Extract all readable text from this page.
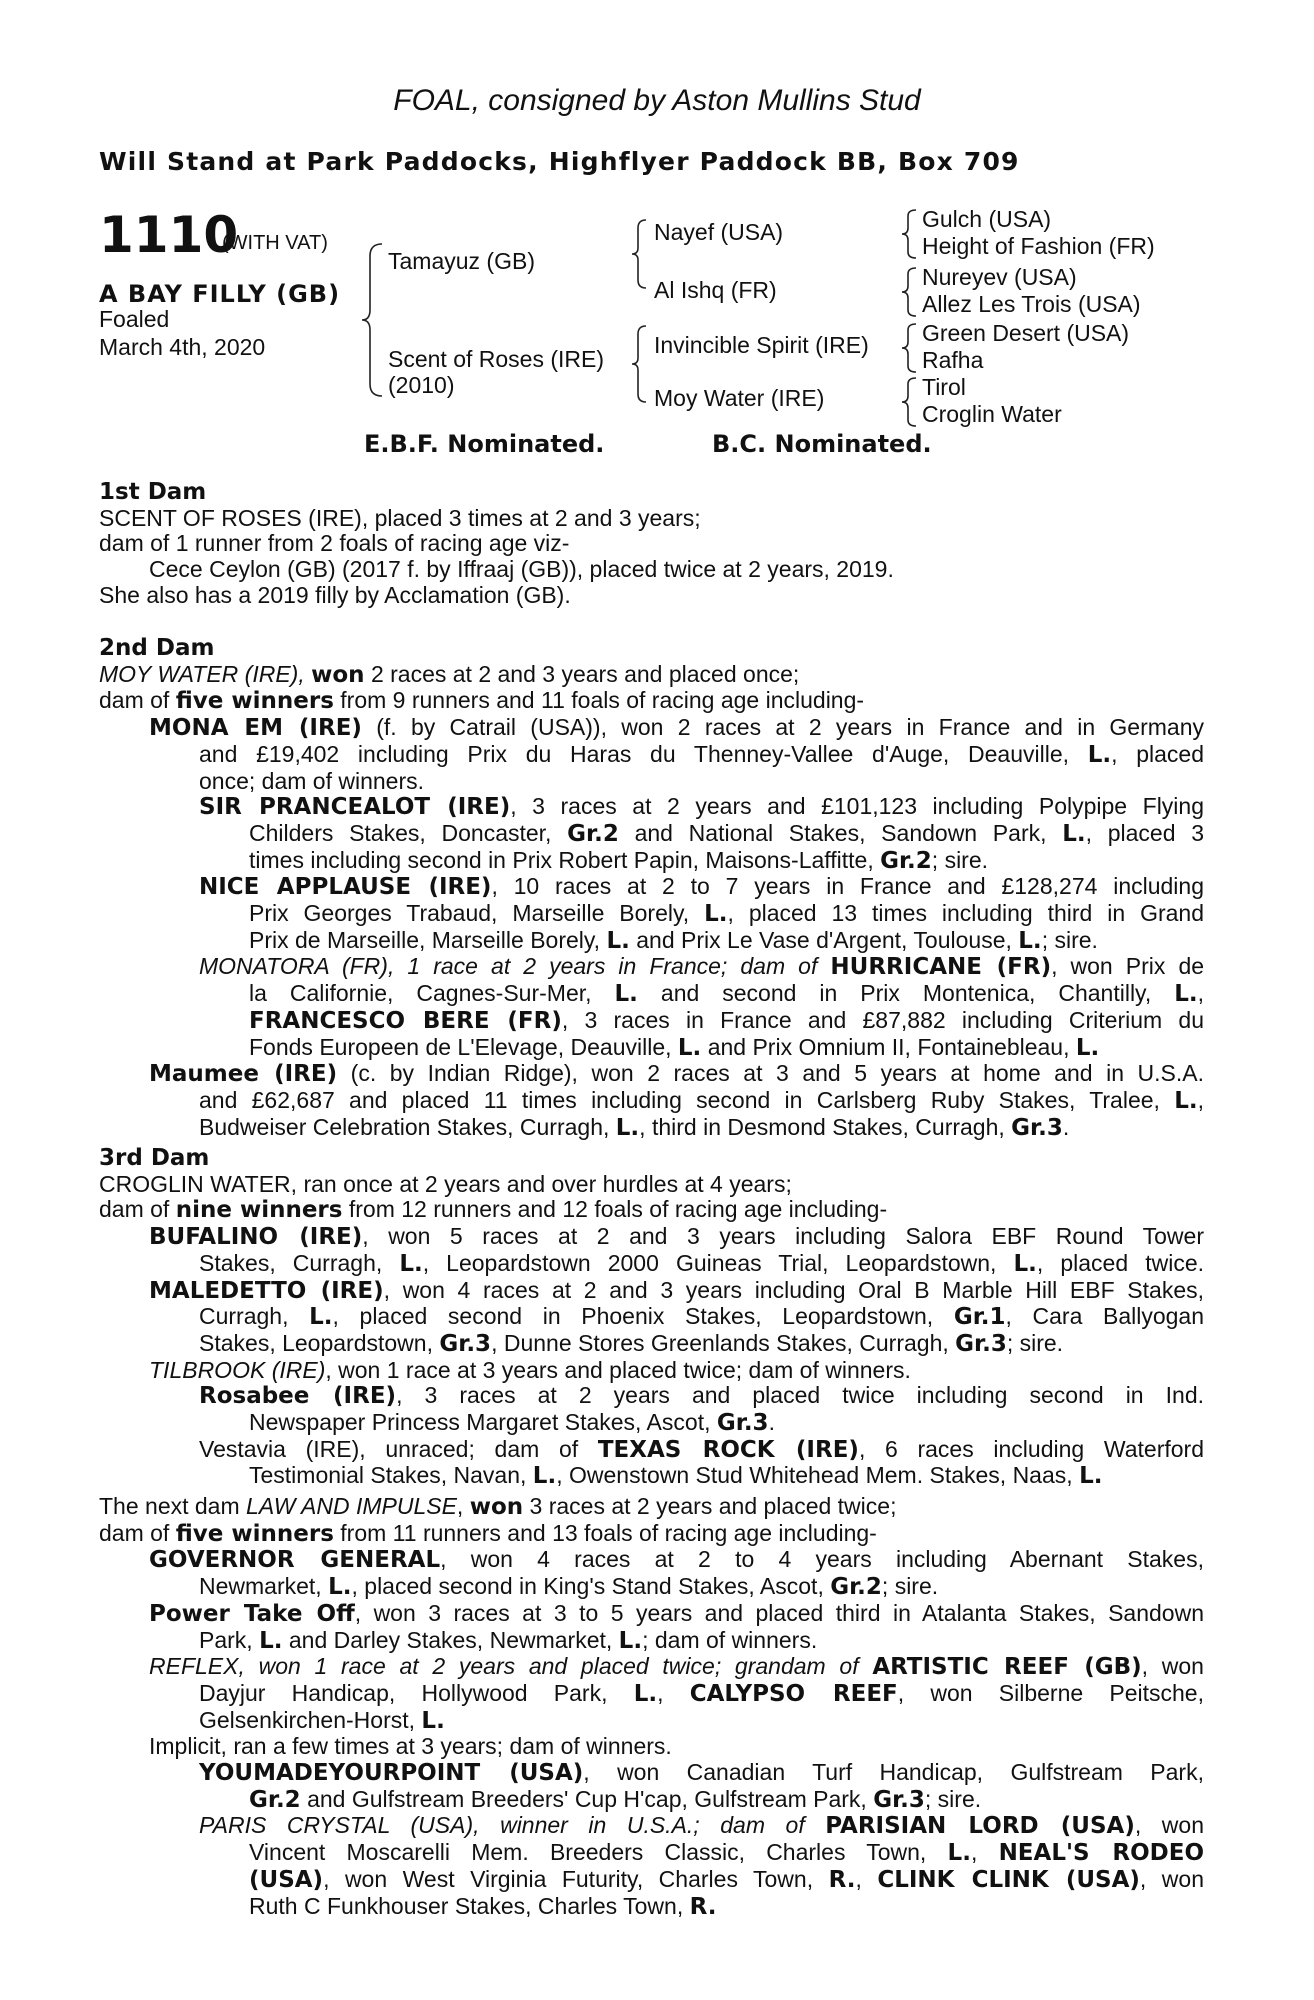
FOAL, consigned by Aston Mullins Stud
Will Stand at Park Paddocks, Highflyer Paddock BB, Box 709
1110
(WITH VAT)
A BAY FILLY (GB)
Foaled
March 4th, 2020
Tamayuz (GB)
Scent of Roses (IRE)
(2010)
Nayef (USA)
Al Ishq (FR)
Invincible Spirit (IRE)
Moy Water (IRE)
Gulch (USA)
Height of Fashion (FR)
Nureyev (USA)
Allez Les Trois (USA)
Green Desert (USA)
Rafha
Tirol
Croglin Water
E.B.F. Nominated.	B.C. Nominated.
1st Dam
SCENT OF ROSES (IRE), placed 3 times at 2 and 3 years;
dam of 1 runner from 2 foals of racing age viz-
Cece Ceylon (GB) (2017 f. by Iffraaj (GB)), placed twice at 2 years, 2019.
She also has a 2019 filly by Acclamation (GB).
2nd Dam
MOY WATER (IRE), won 2 races at 2 and 3 years and placed once;
dam of five winners from 9 runners and 11 foals of racing age including-
MONA EM (IRE) (f. by Catrail (USA)), won 2 races at 2 years in France and in Germany
and £19,402 including Prix du Haras du Thenney-Vallee d'Auge, Deauville, L., placed
once; dam of winners.
SIR PRANCEALOT (IRE), 3 races at 2 years and £101,123 including Polypipe Flying
Childers Stakes, Doncaster, Gr.2 and National Stakes, Sandown Park, L., placed 3
times including second in Prix Robert Papin, Maisons-Laffitte, Gr.2; sire.
NICE APPLAUSE (IRE), 10 races at 2 to 7 years in France and £128,274 including
Prix Georges Trabaud, Marseille Borely, L., placed 13 times including third in Grand
Prix de Marseille, Marseille Borely, L. and Prix Le Vase d'Argent, Toulouse, L.; sire.
MONATORA (FR), 1 race at 2 years in France; dam of HURRICANE (FR), won Prix de
la Californie, Cagnes-Sur-Mer, L. and second in Prix Montenica, Chantilly, L.,
FRANCESCO BERE (FR), 3 races in France and £87,882 including Criterium du
Fonds Europeen de L'Elevage, Deauville, L. and Prix Omnium II, Fontainebleau, L.
Maumee (IRE) (c. by Indian Ridge), won 2 races at 3 and 5 years at home and in U.S.A.
and £62,687 and placed 11 times including second in Carlsberg Ruby Stakes, Tralee, L.,
Budweiser Celebration Stakes, Curragh, L., third in Desmond Stakes, Curragh, Gr.3.
3rd Dam
CROGLIN WATER, ran once at 2 years and over hurdles at 4 years;
dam of nine winners from 12 runners and 12 foals of racing age including-
BUFALINO (IRE), won 5 races at 2 and 3 years including Salora EBF Round Tower
Stakes, Curragh, L., Leopardstown 2000 Guineas Trial, Leopardstown, L., placed twice.
MALEDETTO (IRE), won 4 races at 2 and 3 years including Oral B Marble Hill EBF Stakes,
Curragh, L., placed second in Phoenix Stakes, Leopardstown, Gr.1, Cara Ballyogan
Stakes, Leopardstown, Gr.3, Dunne Stores Greenlands Stakes, Curragh, Gr.3; sire.
TILBROOK (IRE), won 1 race at 3 years and placed twice; dam of winners.
Rosabee (IRE), 3 races at 2 years and placed twice including second in Ind.
Newspaper Princess Margaret Stakes, Ascot, Gr.3.
Vestavia (IRE), unraced; dam of TEXAS ROCK (IRE), 6 races including Waterford
Testimonial Stakes, Navan, L., Owenstown Stud Whitehead Mem. Stakes, Naas, L.
The next dam LAW AND IMPULSE, won 3 races at 2 years and placed twice;
dam of five winners from 11 runners and 13 foals of racing age including-
GOVERNOR GENERAL, won 4 races at 2 to 4 years including Abernant Stakes,
Newmarket, L., placed second in King's Stand Stakes, Ascot, Gr.2; sire.
Power Take Off, won 3 races at 3 to 5 years and placed third in Atalanta Stakes, Sandown
Park, L. and Darley Stakes, Newmarket, L.; dam of winners.
REFLEX, won 1 race at 2 years and placed twice; grandam of ARTISTIC REEF (GB), won
Dayjur Handicap, Hollywood Park, L., CALYPSO REEF, won Silberne Peitsche,
Gelsenkirchen-Horst, L.
Implicit, ran a few times at 3 years; dam of winners.
YOUMADEYOURPOINT (USA), won Canadian Turf Handicap, Gulfstream Park,
Gr.2 and Gulfstream Breeders' Cup H'cap, Gulfstream Park, Gr.3; sire.
PARIS CRYSTAL (USA), winner in U.S.A.; dam of PARISIAN LORD (USA), won
Vincent Moscarelli Mem. Breeders Classic, Charles Town, L., NEAL'S RODEO
(USA), won West Virginia Futurity, Charles Town, R., CLINK CLINK (USA), won
Ruth C Funkhouser Stakes, Charles Town, R.
